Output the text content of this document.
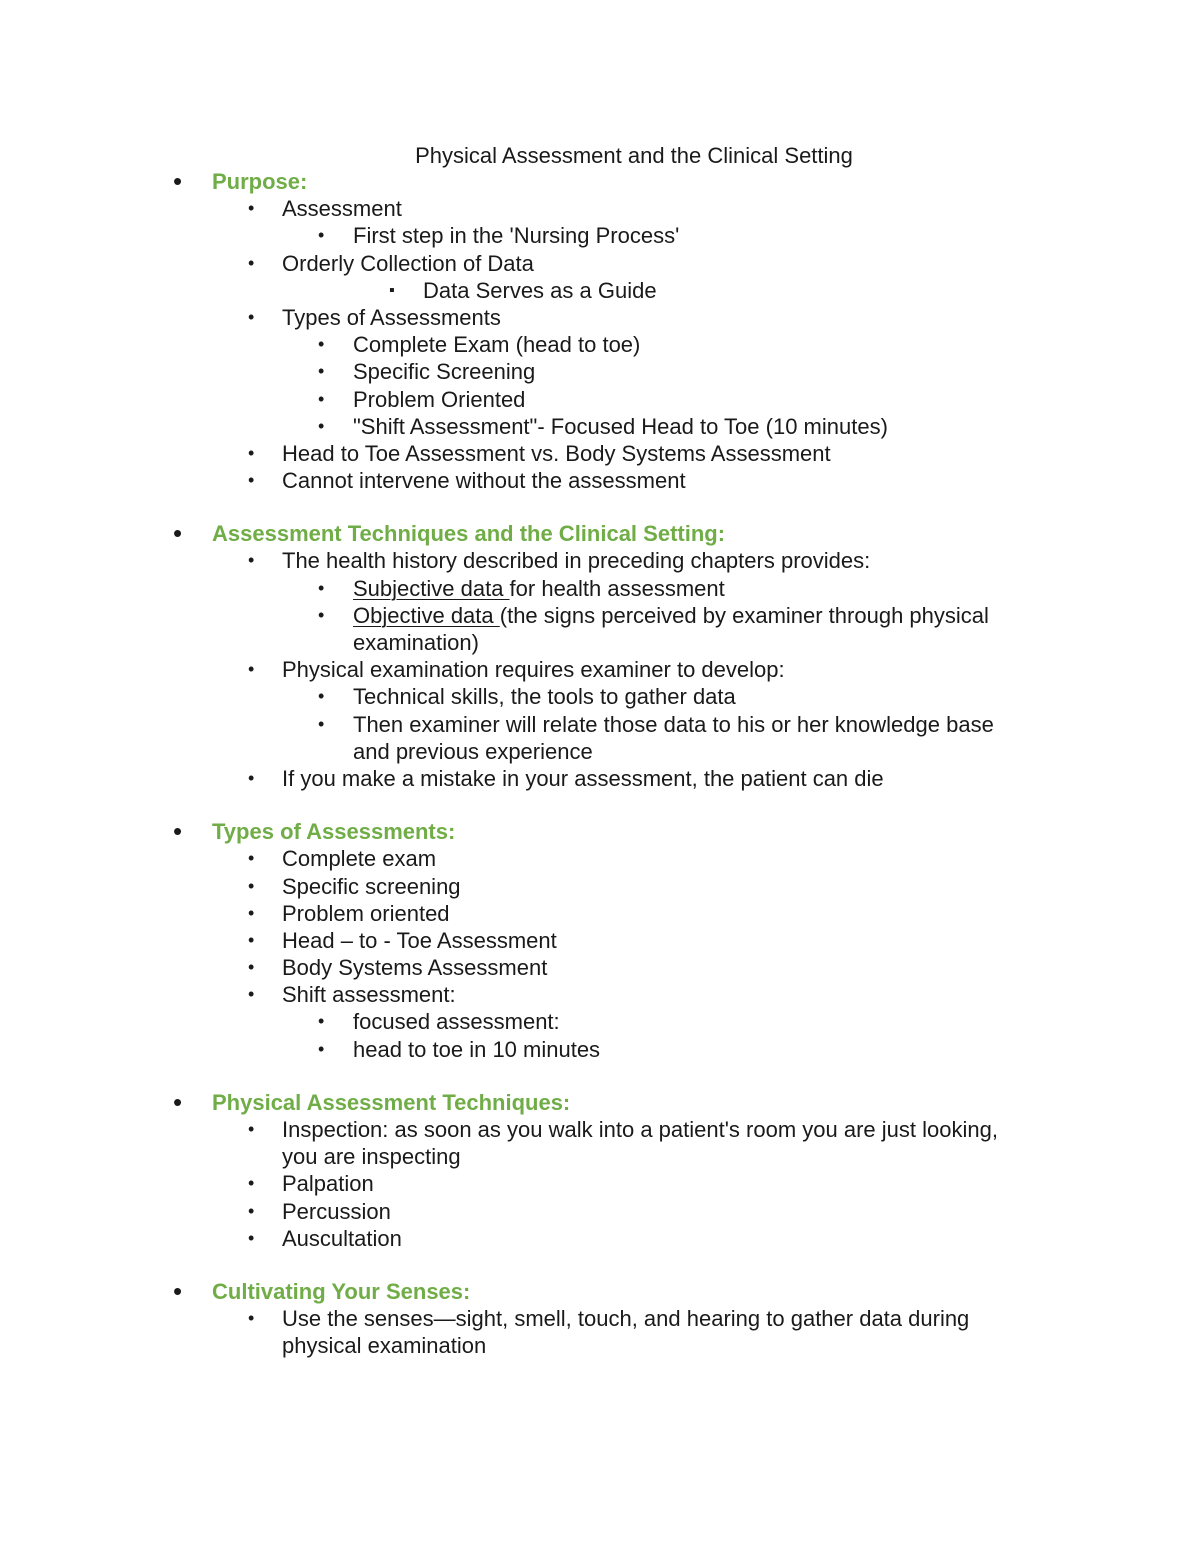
Physical Assessment and the Clinical Setting
• Purpose:
• Assessment
• First step in the 'Nursing Process'
• Orderly Collection of Data
▪ Data Serves as a Guide
• Types of Assessments
• Complete Exam (head to toe)
• Specific Screening
• Problem Oriented
• "Shift Assessment"- Focused Head to Toe (10 minutes)
• Head to Toe Assessment vs. Body Systems Assessment
• Cannot intervene without the assessment
• Assessment Techniques and the Clinical Setting:
• The health history described in preceding chapters provides:
• Subjective data for health assessment
• Objective data (the signs perceived by examiner through physical
examination)
• Physical examination requires examiner to develop:
• Technical skills, the tools to gather data
• Then examiner will relate those data to his or her knowledge base
and previous experience
• If you make a mistake in your assessment, the patient can die
• Types of Assessments:
• Complete exam
• Specific screening
• Problem oriented
• Head – to - Toe Assessment
• Body Systems Assessment
• Shift assessment:
• focused assessment:
• head to toe in 10 minutes
• Physical Assessment Techniques:
• Inspection: as soon as you walk into a patient's room you are just looking,
you are inspecting
• Palpation
• Percussion
• Auscultation
• Cultivating Your Senses:
• Use the senses—sight, smell, touch, and hearing to gather data during
physical examination
